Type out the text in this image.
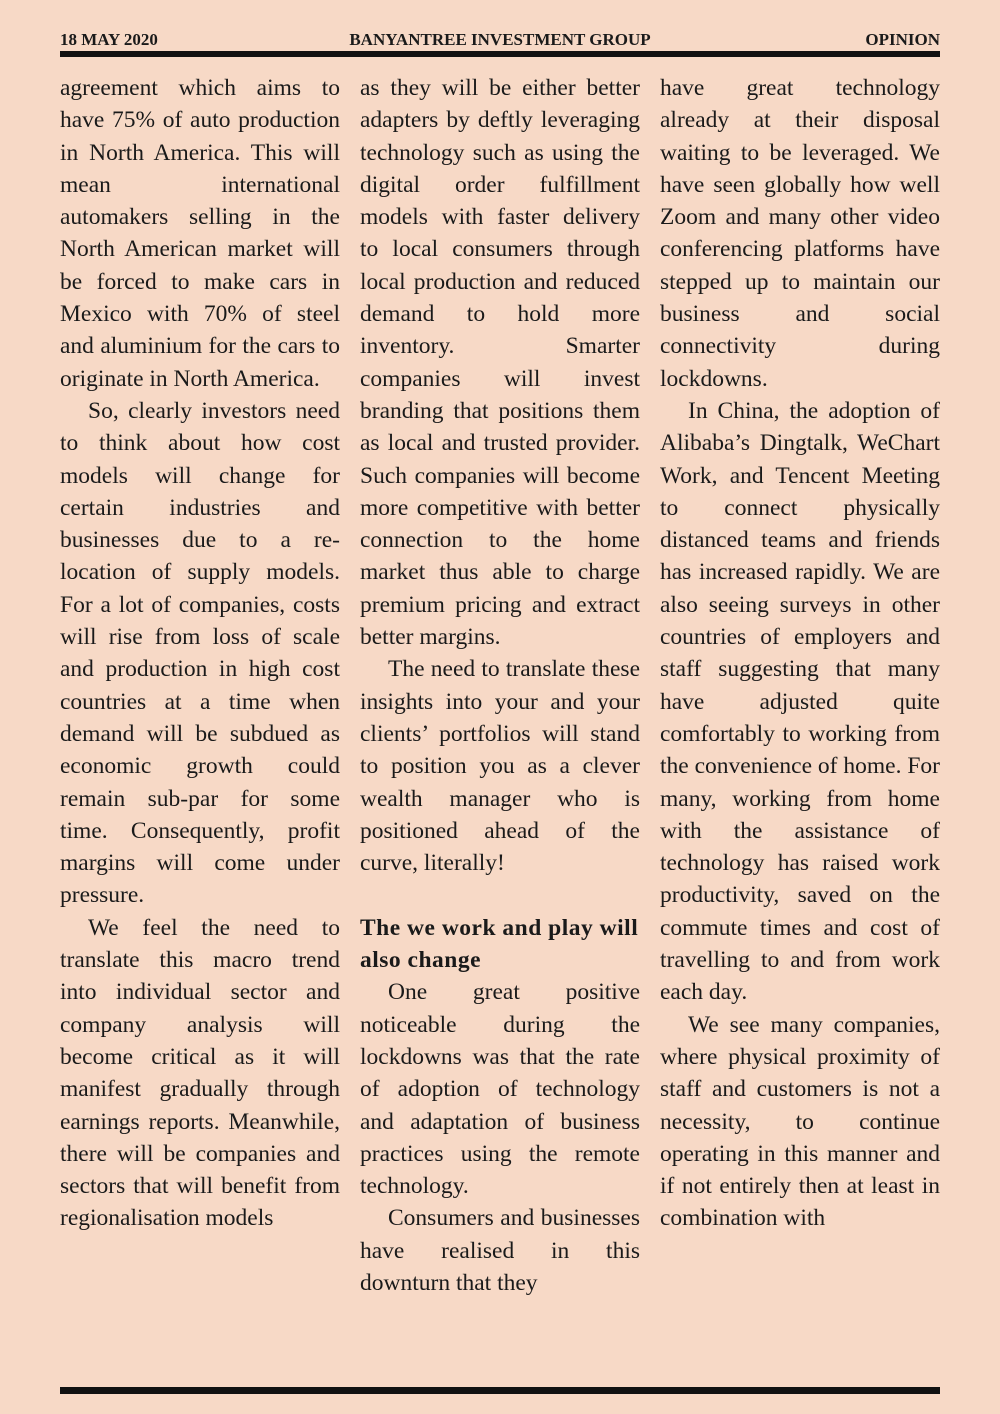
18 MAY 2020	BANYANTREE INVESTMENT GROUP	OPINION

agreement which aims to have 75% of auto production in North America. This will mean international automakers selling in the North American market will be forced to make cars in Mexico with 70% of steel and aluminium for the cars to originate in North America.

So, clearly investors need to think about how cost models will change for certain industries and businesses due to a re-location of supply models. For a lot of companies, costs will rise from loss of scale and production in high cost countries at a time when demand will be subdued as economic growth could remain sub-par for some time. Consequently, profit margins will come under pressure.

We feel the need to translate this macro trend into individual sector and company analysis will become critical as it will manifest gradually through earnings reports. Meanwhile, there will be companies and sectors that will benefit from regionalisation models

as they will be either better adapters by deftly leveraging technology such as using the digital order fulfillment models with faster delivery to local consumers through local production and reduced demand to hold more inventory. Smarter companies will invest branding that positions them as local and trusted provider. Such companies will become more competitive with better connection to the home market thus able to charge premium pricing and extract better margins.

The need to translate these insights into your and your clients’ portfolios will stand to position you as a clever wealth manager who is positioned ahead of the curve, literally!

The we work and play will also change

One great positive noticeable during the lockdowns was that the rate of adoption of technology and adaptation of business practices using the remote technology.

Consumers and businesses have realised in this downturn that they

have great technology already at their disposal waiting to be leveraged. We have seen globally how well Zoom and many other video conferencing platforms have stepped up to maintain our business and social connectivity during lockdowns.

In China, the adoption of Alibaba’s Dingtalk, WeChart Work, and Tencent Meeting to connect physically distanced teams and friends has increased rapidly. We are also seeing surveys in other countries of employers and staff suggesting that many have adjusted quite comfortably to working from the convenience of home. For many, working from home with the assistance of technology has raised work productivity, saved on the commute times and cost of travelling to and from work each day.

We see many companies, where physical proximity of staff and customers is not a necessity, to continue operating in this manner and if not entirely then at least in combination with
